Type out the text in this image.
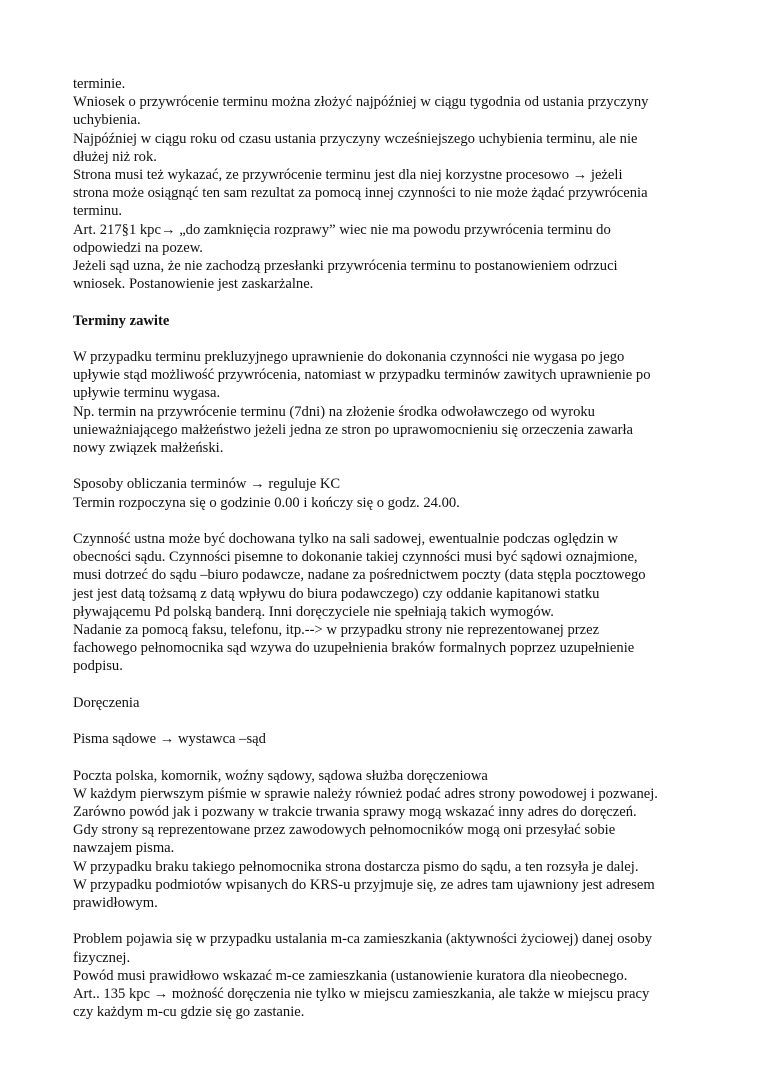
terminie.

Wniosek o przywrócenie terminu można złożyć najpóźniej w ciągu tygodnia od ustania przyczyny

uchybienia.

Najpóźniej w ciągu roku od czasu ustania przyczyny wcześniejszego uchybienia terminu, ale nie

dłużej niż rok.

Strona musi też wykazać, ze przywrócenie terminu jest dla niej korzystne procesowo → jeżeli

strona może osiągnąć ten sam rezultat za pomocą innej czynności to nie może żądać przywrócenia

terminu.

Art. 217§1 kpc→ „do zamknięcia rozprawy” wiec nie ma powodu przywrócenia terminu do

odpowiedzi na pozew.

Jeżeli sąd uzna, że nie zachodzą przesłanki przywrócenia terminu to postanowieniem odrzuci

wniosek. Postanowienie jest zaskarżalne.

Terminy zawite

W przypadku terminu prekluzyjnego uprawnienie do dokonania czynności nie wygasa po jego

upływie stąd możliwość przywrócenia, natomiast w przypadku terminów zawitych uprawnienie po

upływie terminu wygasa.

Np. termin na przywrócenie terminu (7dni) na złożenie środka odwoławczego od wyroku

unieważniającego małżeństwo jeżeli jedna ze stron po uprawomocnieniu się orzeczenia zawarła

nowy związek małżeński.

Sposoby obliczania terminów → reguluje KC

Termin rozpoczyna się o godzinie 0.00 i kończy się o godz. 24.00.

Czynność ustna może być dochowana tylko na sali sadowej, ewentualnie podczas oględzin w

obecności sądu. Czynności pisemne to dokonanie takiej czynności musi być sądowi oznajmione,

musi dotrzeć do sądu –biuro podawcze, nadane za pośrednictwem poczty (data stępla pocztowego

jest jest datą tożsamą z datą wpływu do biura podawczego) czy oddanie kapitanowi statku

pływającemu Pd polską banderą. Inni doręczyciele nie spełniają takich wymogów.

Nadanie za pomocą faksu, telefonu, itp.--> w przypadku strony nie reprezentowanej przez

fachowego pełnomocnika sąd wzywa do uzupełnienia braków formalnych poprzez uzupełnienie

podpisu.

Doręczenia

Pisma sądowe → wystawca –sąd

Poczta polska, komornik, woźny sądowy, sądowa służba doręczeniowa

W każdym pierwszym piśmie w sprawie należy również podać adres strony powodowej i pozwanej.

Zarówno powód jak i pozwany w trakcie trwania sprawy mogą wskazać inny adres do doręczeń.

Gdy strony są reprezentowane przez zawodowych pełnomocników mogą oni przesyłać sobie

nawzajem pisma.

W przypadku braku takiego pełnomocnika strona dostarcza pismo do sądu, a ten rozsyła je dalej.

W przypadku podmiotów wpisanych do KRS-u przyjmuje się, ze adres tam ujawniony jest adresem

prawidłowym.

Problem pojawia się w przypadku ustalania m-ca zamieszkania (aktywności życiowej) danej osoby

fizycznej.

Powód musi prawidłowo wskazać m-ce zamieszkania (ustanowienie kuratora dla nieobecnego.

Art.. 135 kpc → możność doręczenia nie tylko w miejscu zamieszkania, ale także w miejscu pracy

czy każdym m-cu gdzie się go zastanie.
